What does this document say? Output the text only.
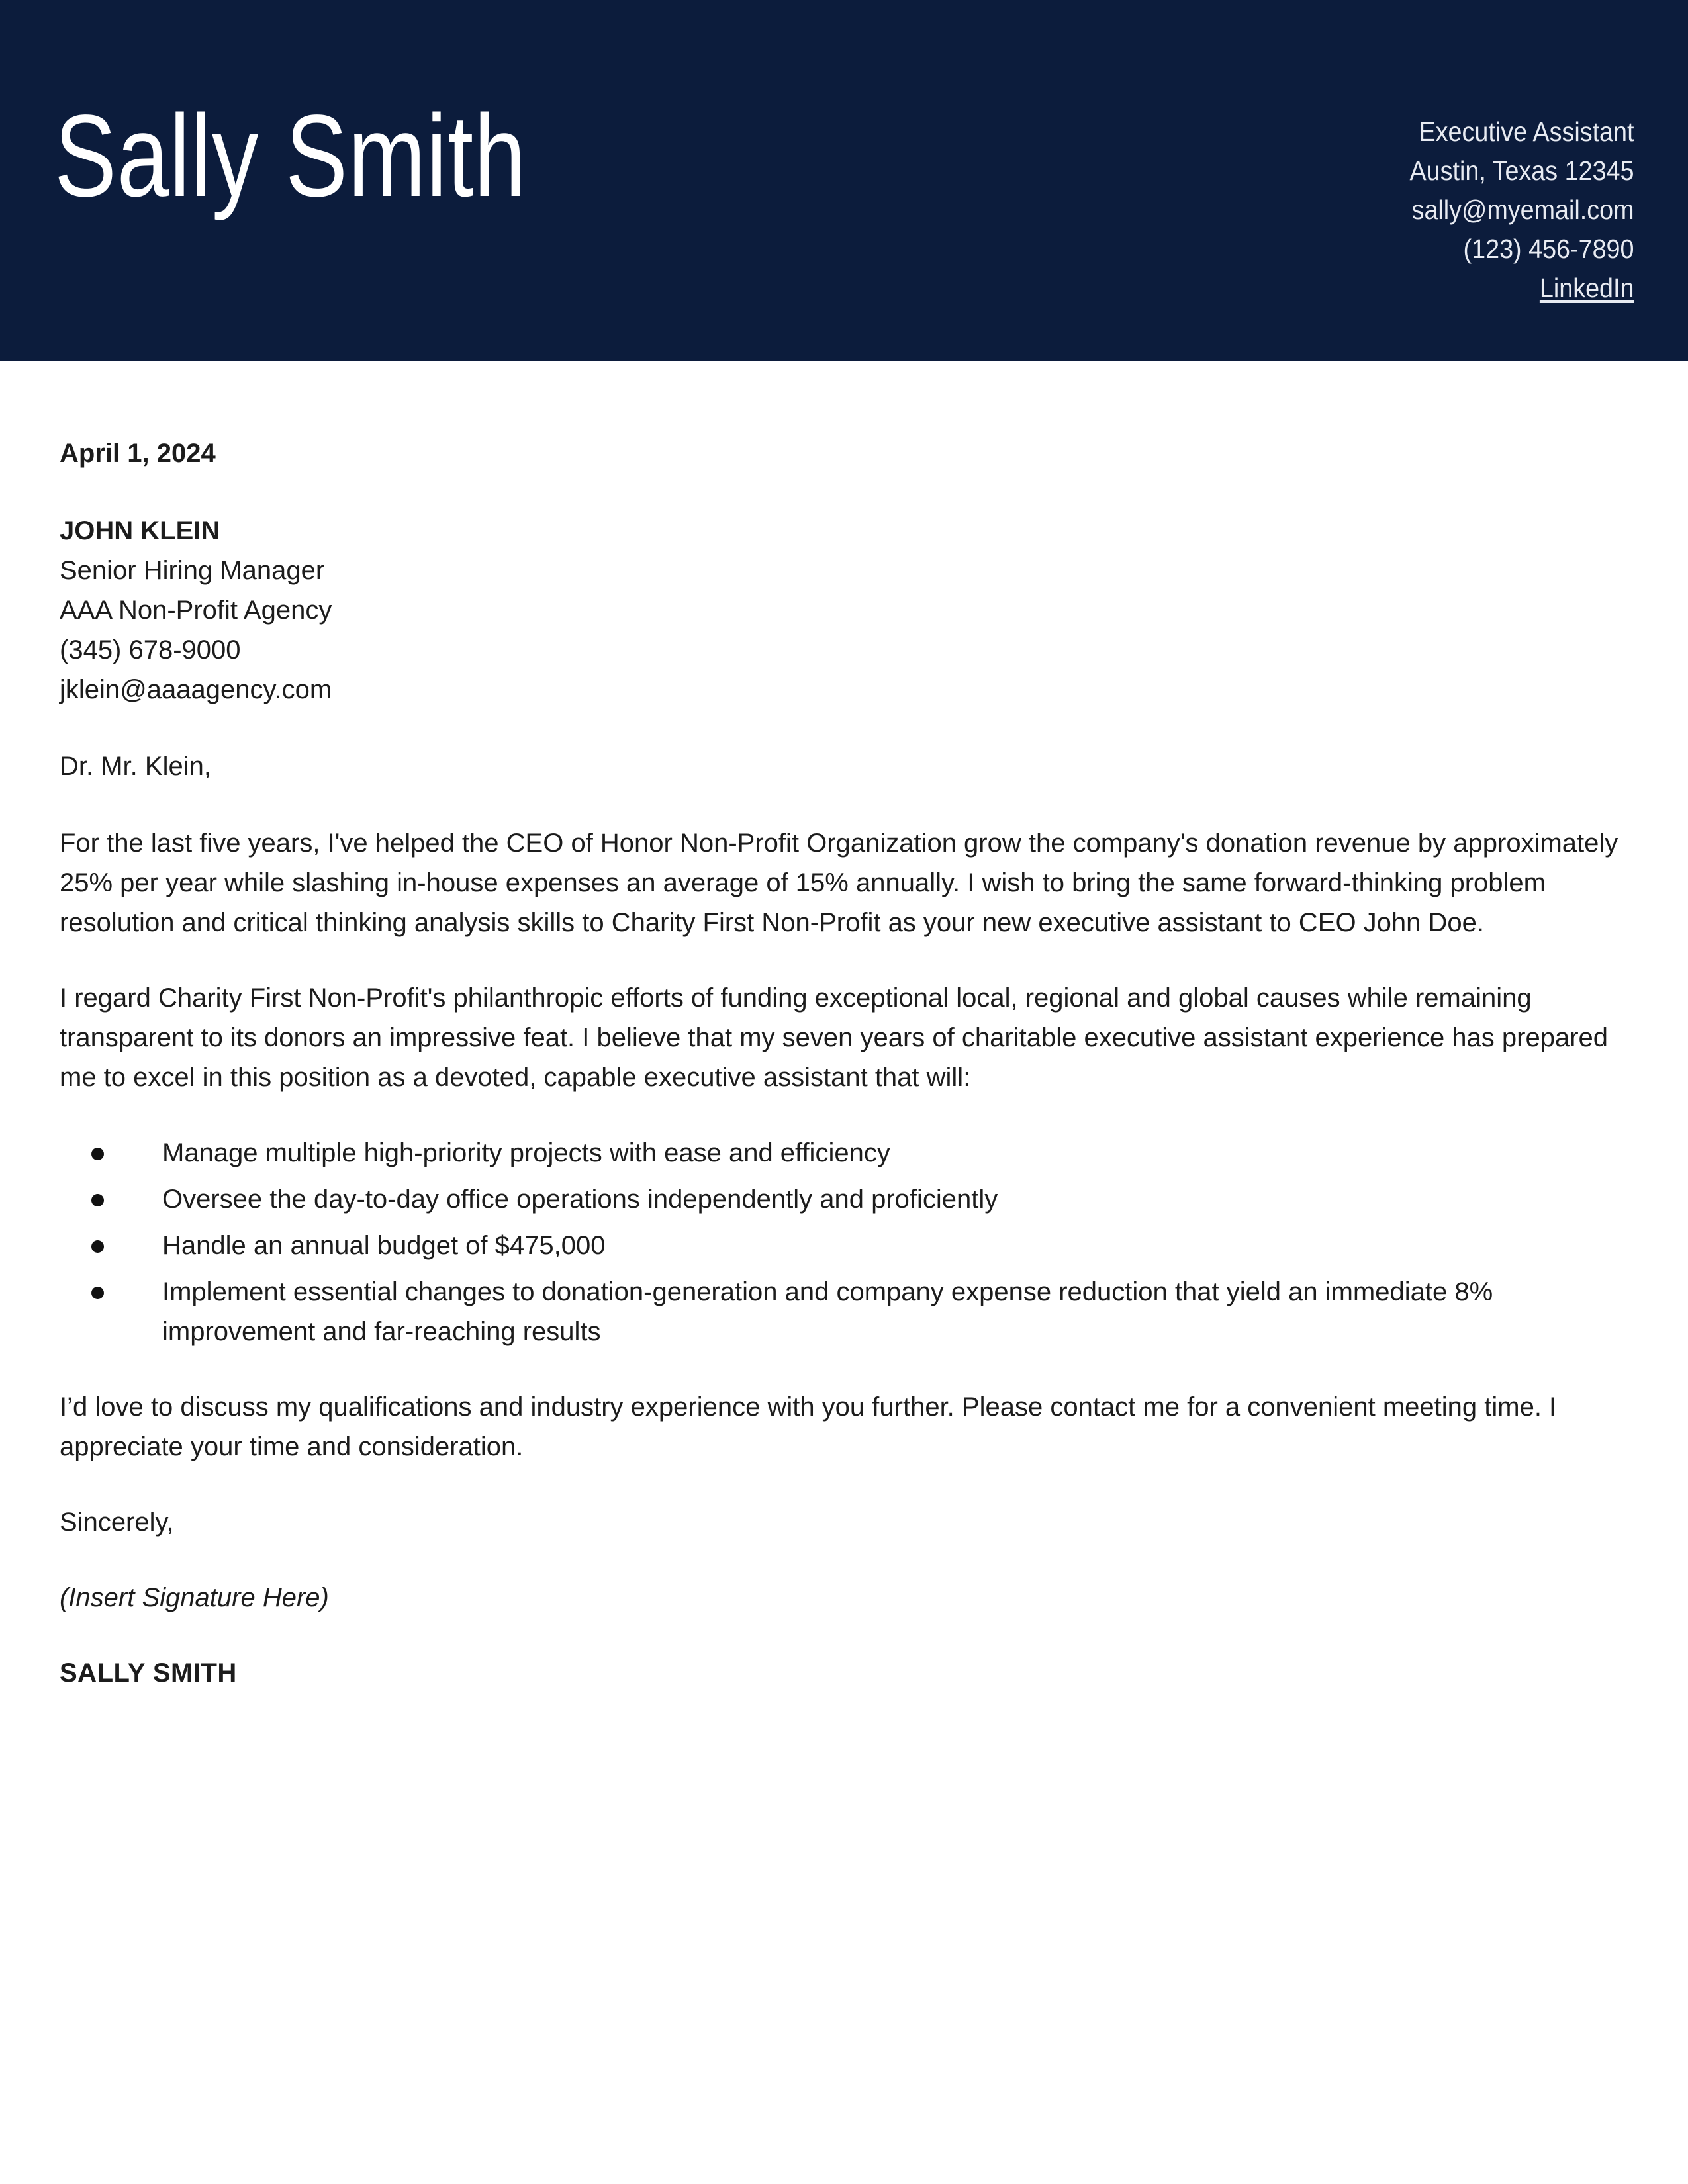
Sally Smith	Executive Assistant
Austin, Texas 12345
sally@myemail.com
(123) 456-7890
LinkedIn
April 1, 2024
JOHN KLEIN
Senior Hiring Manager
AAA Non-Profit Agency
(345) 678-9000
jklein@aaaagency.com
Dr. Mr. Klein,
For the last five years, I've helped the CEO of Honor Non-Profit Organization grow the company's donation revenue by approximately 25% per year while slashing in-house expenses an average of 15% annually. I wish to bring the same forward-thinking problem resolution and critical thinking analysis skills to Charity First Non-Profit as your new executive assistant to CEO John Doe.
I regard Charity First Non-Profit's philanthropic efforts of funding exceptional local, regional and global causes while remaining transparent to its donors an impressive feat. I believe that my seven years of charitable executive assistant experience has prepared me to excel in this position as a devoted, capable executive assistant that will:
Manage multiple high-priority projects with ease and efficiency
Oversee the day-to-day office operations independently and proficiently
Handle an annual budget of $475,000
Implement essential changes to donation-generation and company expense reduction that yield an immediate 8% improvement and far-reaching results
I’d love to discuss my qualifications and industry experience with you further. Please contact me for a convenient meeting time. I appreciate your time and consideration.
Sincerely,
(Insert Signature Here)
SALLY SMITH
